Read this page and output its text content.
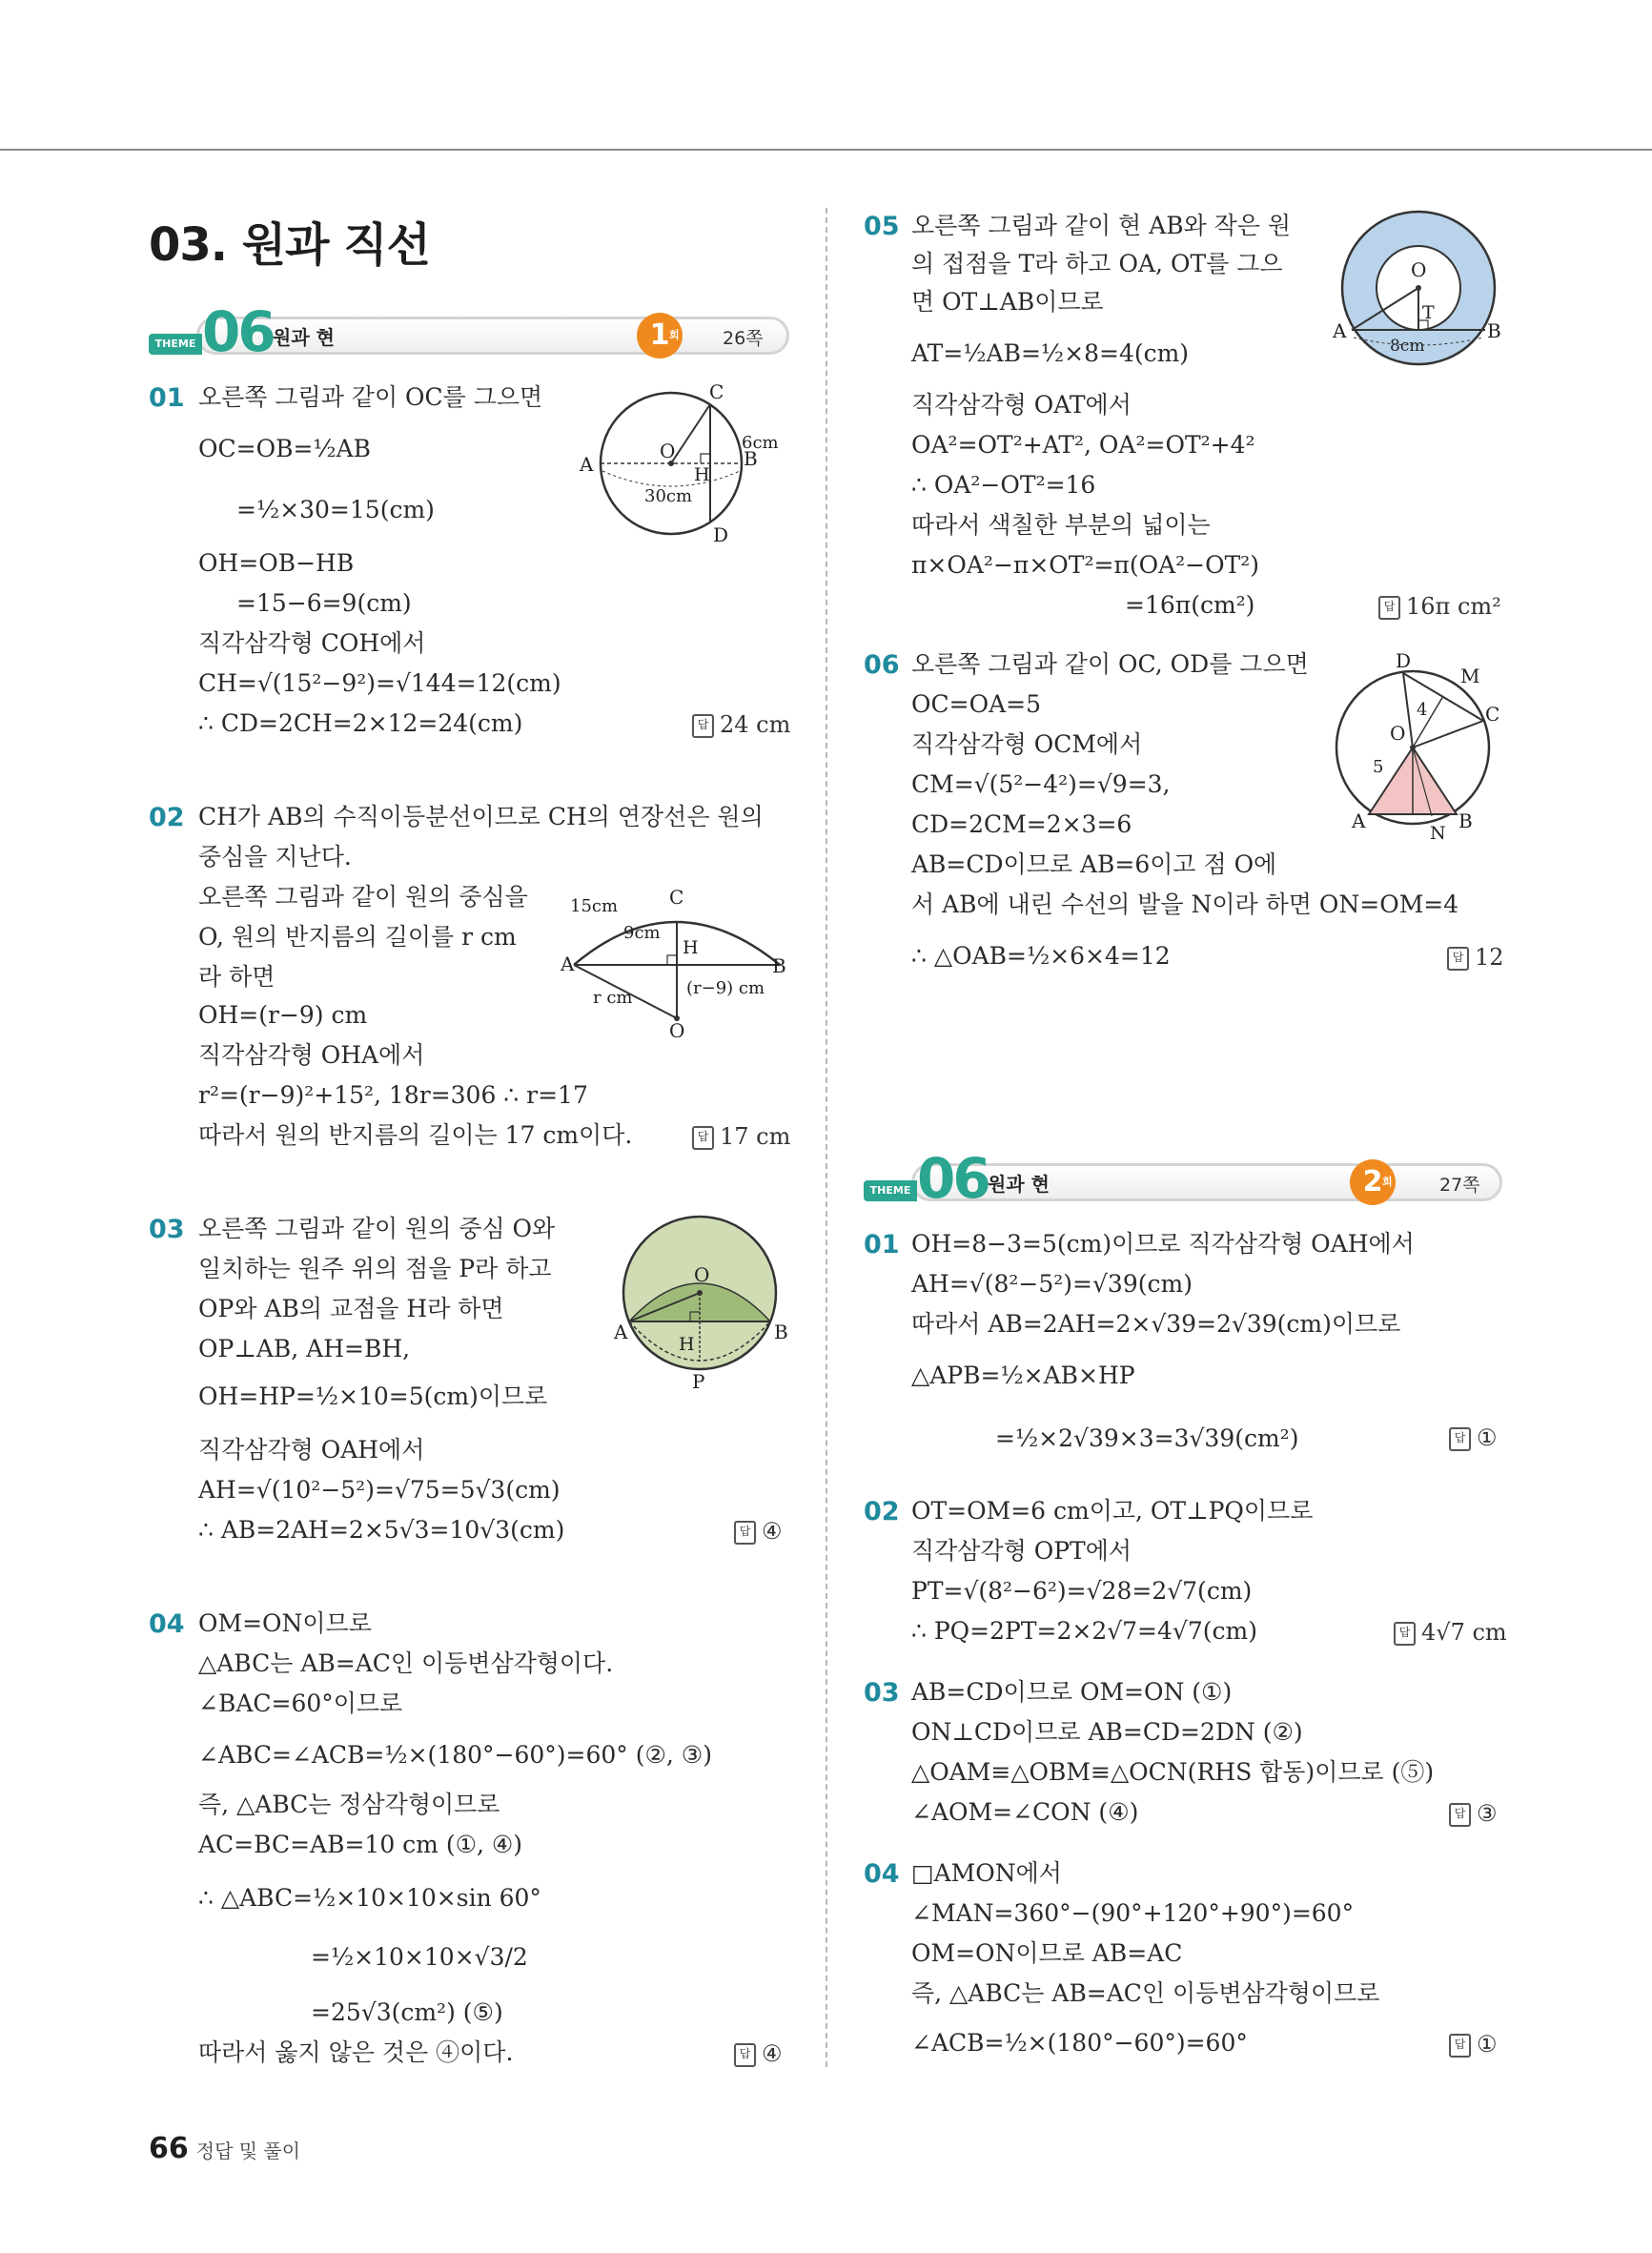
03. 원과 직선
THEME 06 원과 현	1 회 26쪽
THEME 06 원과 현	2 회	27쪽
01 오른쪽 그림과 같이 OC를 그으면
OC=OB=½AB
=½×30=15(cm)
OH=OB−HB
=15−6=9(cm)
직각삼각형 COH에서
CH=√(15²−9²)=√144=12(cm)
∴ CD=2CH=2×12=24(cm)	답 24 cm
A	B
C
D
O
H
6cm
30cm
02 CH가 AB의 수직이등분선이므로 CH의 연장선은 원의
중심을 지난다.
오른쪽 그림과 같이 원의 중심을
O, 원의 반지름의 길이를 r cm
라 하면
OH=(r−9) cm
직각삼각형 OHA에서
r²=(r−9)²+15², 18r=306 ∴ r=17
따라서 원의 반지름의 길이는 17 cm이다.	답 17 cm
15cm
9cm
C
H
A	B
(r−9) cm
r cm
O
03 오른쪽 그림과 같이 원의 중심 O와
일치하는 원주 위의 점을 P라 하고
OP와 AB의 교점을 H라 하면
OP⊥AB, AH=BH,
OH=HP=½×10=5(cm)이므로
직각삼각형 OAH에서
AH=√(10²−5²)=√75=5√3(cm)
∴ AB=2AH=2×5√3=10√3(cm)	답 ④
O
A	B
H
P
04 OM=ON이므로
△ABC는 AB=AC인 이등변삼각형이다.
∠BAC=60°이므로
∠ABC=∠ACB=½×(180°−60°)=60° (②, ③)
즉, △ABC는 정삼각형이므로
AC=BC=AB=10 cm (①, ④)
∴ △ABC=½×10×10×sin 60°
=½×10×10×√3/2
=25√3(cm²) (⑤)
따라서 옳지 않은 것은 ④이다.	답 ④
05 오른쪽 그림과 같이 현 AB와 작은 원
의 접점을 T라 하고 OA, OT를 그으
면 OT⊥AB이므로
AT=½AB=½×8=4(cm)
직각삼각형 OAT에서
OA²=OT²+AT², OA²=OT²+4²
∴ OA²−OT²=16
따라서 색칠한 부분의 넓이는
π×OA²−π×OT²=π(OA²−OT²)
=16π(cm²)	답 16π cm²
O
T
A	B
8cm
06 오른쪽 그림과 같이 OC, OD를 그으면
OC=OA=5
직각삼각형 OCM에서
CM=√(5²−4²)=√9=3,
CD=2CM=2×3=6
AB=CD이므로 AB=6이고 점 O에
서 AB에 내린 수선의 발을 N이라 하면 ON=OM=4
∴ △OAB=½×6×4=12	답 12
D
M
C
O
4
5
A	B
N
01 OH=8−3=5(cm)이므로 직각삼각형 OAH에서
AH=√(8²−5²)=√39(cm)
따라서 AB=2AH=2×√39=2√39(cm)이므로
△APB=½×AB×HP
=½×2√39×3=3√39(cm²)	답 ①
02 OT=OM=6 cm이고, OT⊥PQ이므로
직각삼각형 OPT에서
PT=√(8²−6²)=√28=2√7(cm)
∴ PQ=2PT=2×2√7=4√7(cm)	답 4√7 cm
03 AB=CD이므로 OM=ON (①)
ON⊥CD이므로 AB=CD=2DN (②)
△OAM≡△OBM≡△OCN(RHS 합동)이므로 (⑤)
∠AOM=∠CON (④)	답 ③
04 □AMON에서
∠MAN=360°−(90°+120°+90°)=60°
OM=ON이므로 AB=AC
즉, △ABC는 AB=AC인 이등변삼각형이므로
∠ACB=½×(180°−60°)=60°	답 ①
66 정답 및 풀이
